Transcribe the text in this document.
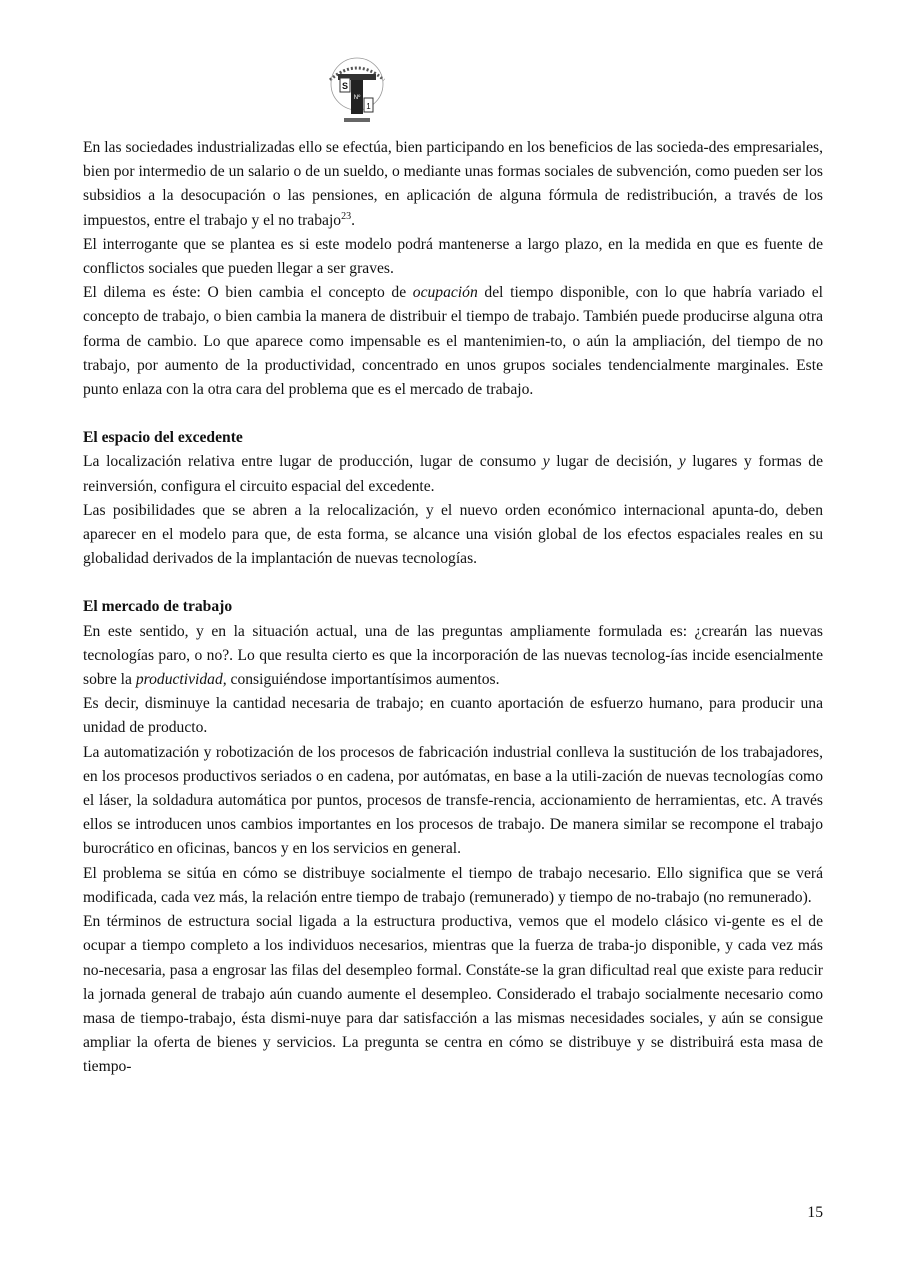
S
Nº
1

En las sociedades industrializadas ello se efectúa, bien participando en los beneficios de las socieda-des empresariales, bien por intermedio de un salario o de un sueldo, o mediante unas formas sociales de subvención, como pueden ser los subsidios a la desocupación o las pensiones, en aplicación de alguna fórmula de redistribución, a través de los impuestos, entre el trabajo y el no trabajo$^{23}$.

El interrogante que se plantea es si este modelo podrá mantenerse a largo plazo, en la medida en que es fuente de conflictos sociales que pueden llegar a ser graves.

El dilema es éste: O bien cambia el concepto de ocupación del tiempo disponible, con lo que habría variado el concepto de trabajo, o bien cambia la manera de distribuir el tiempo de trabajo. También puede producirse alguna otra forma de cambio. Lo que aparece como impensable es el mantenimien-to, o aún la ampliación, del tiempo de no trabajo, por aumento de la productividad, concentrado en unos grupos sociales tendencialmente marginales. Este punto enlaza con la otra cara del problema que es el mercado de trabajo.

El espacio del excedente

La localización relativa entre lugar de producción, lugar de consumo y lugar de decisión, y lugares y formas de reinversión, configura el circuito espacial del excedente.

Las posibilidades que se abren a la relocalización, y el nuevo orden económico internacional apunta-do, deben aparecer en el modelo para que, de esta forma, se alcance una visión global de los efectos espaciales reales en su globalidad derivados de la implantación de nuevas tecnologías.

El mercado de trabajo

En este sentido, y en la situación actual, una de las preguntas ampliamente formulada es: ¿crearán las nuevas tecnologías paro, o no?. Lo que resulta cierto es que la incorporación de las nuevas tecnolog-ías incide esencialmente sobre la productividad, consiguiéndose importantísimos aumentos.

Es decir, disminuye la cantidad necesaria de trabajo; en cuanto aportación de esfuerzo humano, para producir una unidad de producto.

La automatización y robotización de los procesos de fabricación industrial conlleva la sustitución de los trabajadores, en los procesos productivos seriados o en cadena, por autómatas, en base a la utili-zación de nuevas tecnologías como el láser, la soldadura automática por puntos, procesos de transfe-rencia, accionamiento de herramientas, etc. A través ellos se introducen unos cambios importantes en los procesos de trabajo. De manera similar se recompone el trabajo burocrático en oficinas, bancos y en los servicios en general.

El problema se sitúa en cómo se distribuye socialmente el tiempo de trabajo necesario. Ello significa que se verá modificada, cada vez más, la relación entre tiempo de trabajo (remunerado) y tiempo de no-trabajo (no remunerado).

En términos de estructura social ligada a la estructura productiva, vemos que el modelo clásico vi-gente es el de ocupar a tiempo completo a los individuos necesarios, mientras que la fuerza de traba-jo disponible, y cada vez más no-necesaria, pasa a engrosar las filas del desempleo formal. Constáte-se la gran dificultad real que existe para reducir la jornada general de trabajo aún cuando aumente el desempleo. Considerado el trabajo socialmente necesario como masa de tiempo-trabajo, ésta dismi-nuye para dar satisfacción a las mismas necesidades sociales, y aún se consigue ampliar la oferta de bienes y servicios. La pregunta se centra en cómo se distribuye y se distribuirá esta masa de tiempo-

15
